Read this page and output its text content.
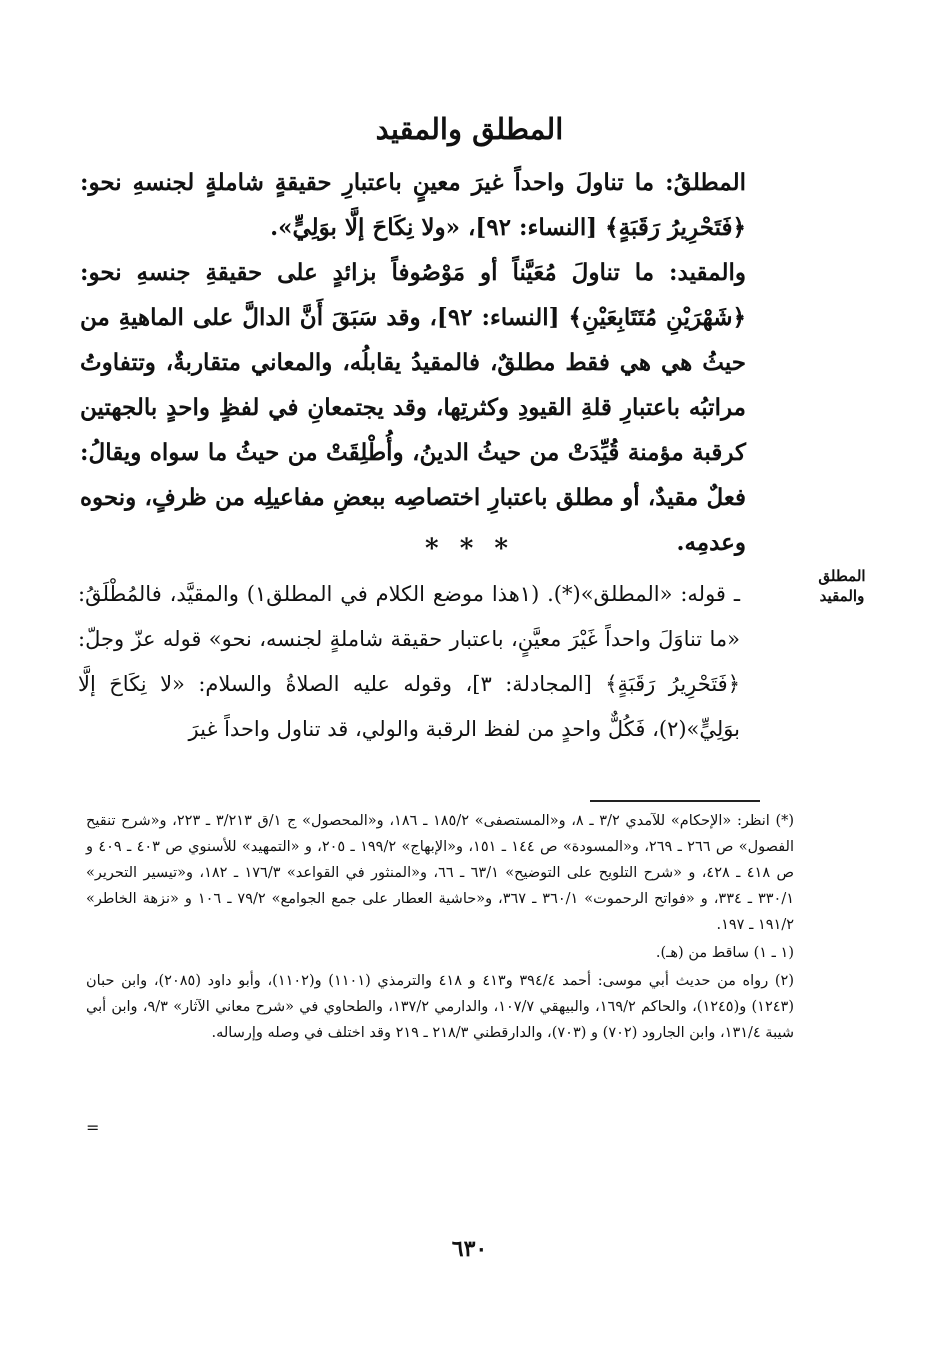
المطلق والمقيد

المطلقُ: ما تناولَ واحداً غيرَ معينٍ باعتبارِ حقيقةٍ شاملةٍ لجنسهِ نحو: ﴿فَتَحْرِيرُ رَقَبَةٍ﴾ [النساء: ٩٢]، «ولا نِكَاحَ إلَّا بوَلِيٍّ».

والمقيد: ما تناولَ مُعَيَّناً أو مَوْصُوفاً بزائدٍ على حقيقةِ جنسهِ نحو: ﴿شَهْرَيْنِ مُتَتَابِعَيْنِ﴾ [النساء: ٩٢]، وقد سَبَقَ أَنَّ الدالَّ على الماهيةِ من حيثُ هي هي فقط مطلقٌ، فالمقيدُ يقابلُه، والمعاني متقاربةٌ، وتتفاوتُ مراتبُه باعتبارِ قلةِ القيودِ وكثرتِها، وقد يجتمعانِ في لفظٍ واحدٍ بالجهتين كرقبة مؤمنة قُيِّدَتْ من حيثُ الدينُ، وأُطْلِقَتْ من حيثُ ما سواه ويقالُ: فعلٌ مقيدٌ، أو مطلق باعتبارِ اختصاصِه ببعضِ مفاعيلِه من ظرفٍ، ونحوه وعدمِه.

* * *
المطلق
والمقيد
ـ قوله: «المطلق»(*). (١هذا موضع الكلام في المطلق١) والمقيَّد، فالمُطْلَقُ: «ما تناوَلَ واحداً غَيْرَ معيَّنٍ، باعتبار حقيقة شاملةٍ لجنسه، نحو» قوله عزّ وجلّ: ﴿فَتَحْرِيرُ رَقَبَةٍ﴾ [المجادلة: ٣]، وقوله عليه الصلاةُ والسلام: «لا نِكَاحَ إلَّا بوَلِيٍّ»(٢)، فَكُلٌّ واحدٍ من لفظ الرقبة والولي، قد تناول واحداً غيرَ

(*) انظر: «الإحكام» للآمدي ٣/٢ ـ ٨، و«المستصفى» ١٨٥/٢ ـ ١٨٦، و«المحصول» ج ١/ق ٣/٢١٣ ـ ٢٢٣، و«شرح تنقيح الفصول» ص ٢٦٦ ـ ٢٦٩، و«المسودة» ص ١٤٤ ـ ١٥١، و«الإبهاج» ١٩٩/٢ ـ ٢٠٥، و «التمهيد» للأسنوي ص ٤٠٣ ـ ٤٠٩ و ص ٤١٨ ـ ٤٢٨، و «شرح التلويح على التوضيح» ٦٣/١ ـ ٦٦، و«المنثور في القواعد» ١٧٦/٣ ـ ١٨٢، و«تيسير التحرير» ٣٣٠/١ ـ ٣٣٤، و «فواتح الرحموت» ٣٦٠/١ ـ ٣٦٧، و«حاشية العطار على جمع الجوامع» ٧٩/٢ ـ ١٠٦ و «نزهة الخاطر» ١٩١/٢ ـ ١٩٧.

(١ ـ ١) ساقط من (هـ).

(٢) رواه من حديث أبي موسى: أحمد ٣٩٤/٤ و٤١٣ و ٤١٨ والترمذي (١١٠١) و(١١٠٢)، وأبو داود (٢٠٨٥)، وابن حبان (١٢٤٣) و(١٢٤٥)، والحاكم ١٦٩/٢، والبيهقي ١٠٧/٧، والدارمي ١٣٧/٢، والطحاوي في «شرح معاني الآثار» ٩/٣، وابن أبي شيبة ١٣١/٤، وابن الجارود (٧٠٢) و (٧٠٣)، والدارقطني ٢١٨/٣ ـ ٢١٩ وقد اختلف في وصله وإرساله.

=
٦٣٠
